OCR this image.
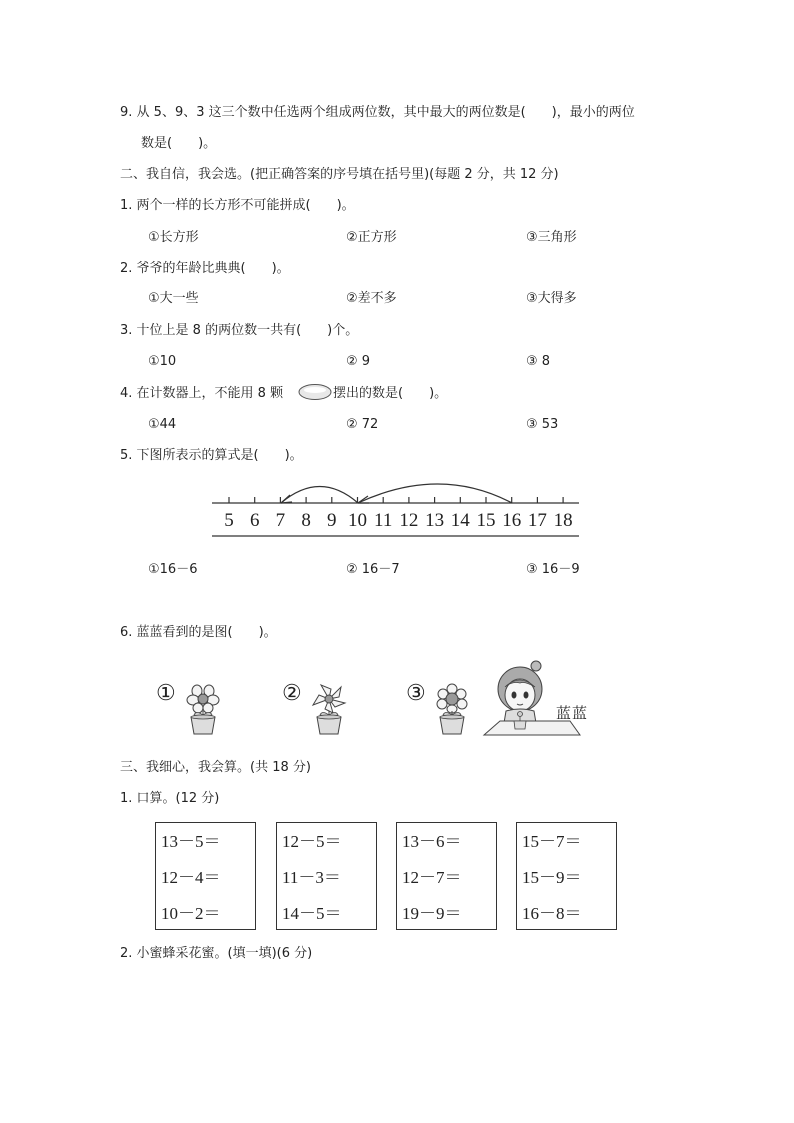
9. 从 5、9、3 这三个数中任选两个组成两位数，其中最大的两位数是(　　)，最小的两位
数是(　　)。
二、我自信，我会选。(把正确答案的序号填在括号里)(每题 2 分，共 12 分)
1. 两个一样的长方形不可能拼成(　　)。
①长方形	②正方形	③三角形
2. 爷爷的年龄比典典(　　)。
①大一些	②差不多	③大得多
3. 十位上是 8 的两位数一共有(　　)个。
①10	② 9	③ 8
4. 在计数器上，不能用 8 颗	摆出的数是(　　)。
①44	② 72	③ 53
5. 下图所表示的算式是(　　)。
5 6 7 8 9 10 11 12 13 14 15 16 17 18
①16－6	② 16－7	③ 16－9
6. 蓝蓝看到的是图(　　)。
①	②	③
蓝蓝
三、我细心，我会算。(共 18 分)
1. 口算。(12 分)
13－5＝
12－4＝
10－2＝
12－5＝
11－3＝
14－5＝
13－6＝
12－7＝
19－9＝
15－7＝
15－9＝
16－8＝
2. 小蜜蜂采花蜜。(填一填)(6 分)
